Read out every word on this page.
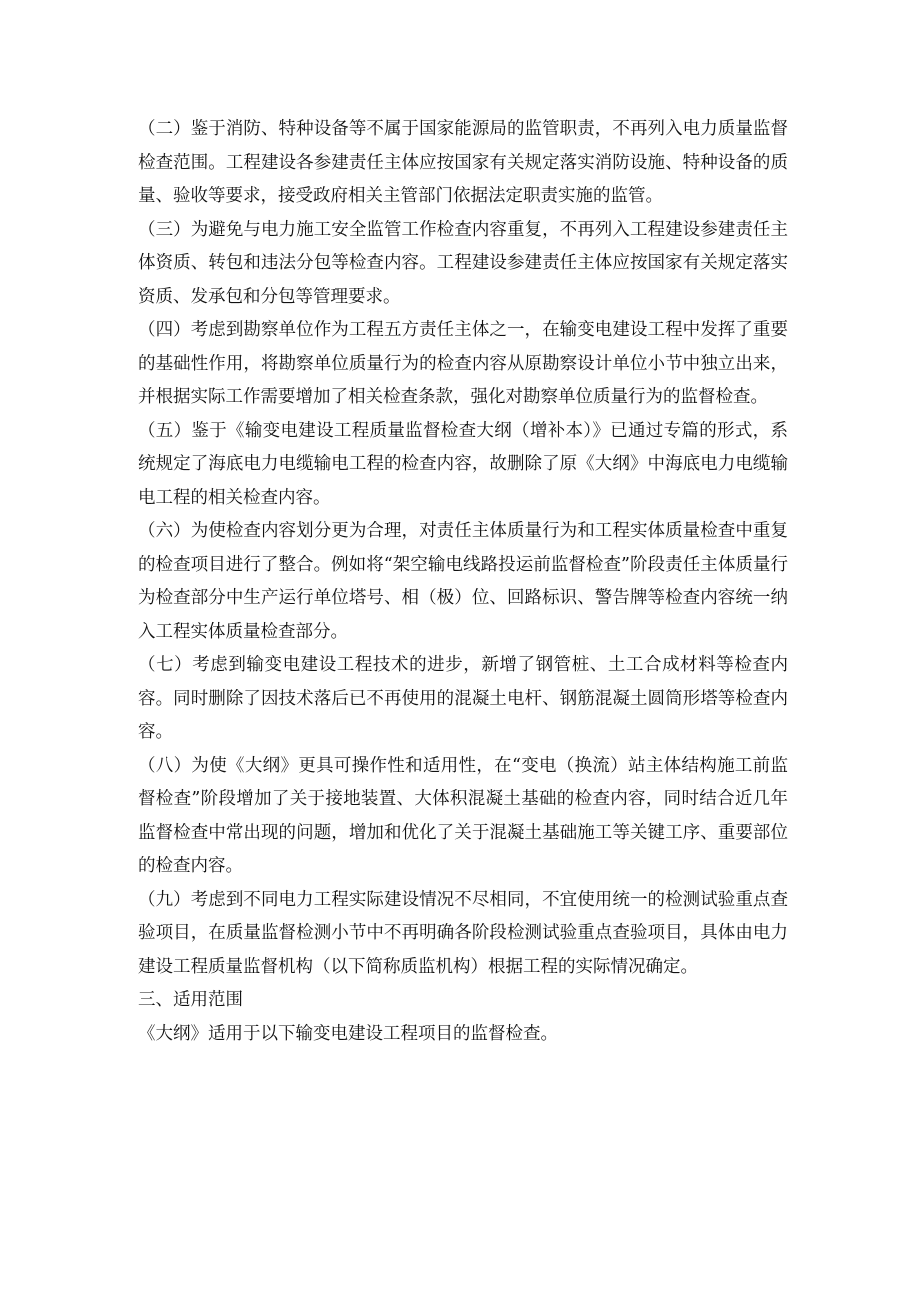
（二）鉴于消防、特种设备等不属于国家能源局的监管职责，不再列入电力质量监督检查范围。工程建设各参建责任主体应按国家有关规定落实消防设施、特种设备的质量、验收等要求，接受政府相关主管部门依据法定职责实施的监管。

（三）为避免与电力施工安全监管工作检查内容重复，不再列入工程建设参建责任主体资质、转包和违法分包等检查内容。工程建设参建责任主体应按国家有关规定落实资质、发承包和分包等管理要求。

（四）考虑到勘察单位作为工程五方责任主体之一，在输变电建设工程中发挥了重要的基础性作用，将勘察单位质量行为的检查内容从原勘察设计单位小节中独立出来，并根据实际工作需要增加了相关检查条款，强化对勘察单位质量行为的监督检查。

（五）鉴于《输变电建设工程质量监督检查大纲（增补本）》已通过专篇的形式，系统规定了海底电力电缆输电工程的检查内容，故删除了原《大纲》中海底电力电缆输电工程的相关检查内容。

（六）为使检查内容划分更为合理，对责任主体质量行为和工程实体质量检查中重复的检查项目进行了整合。例如将“架空输电线路投运前监督检查”阶段责任主体质量行为检查部分中生产运行单位塔号、相（极）位、回路标识、警告牌等检查内容统一纳入工程实体质量检查部分。

（七）考虑到输变电建设工程技术的进步，新增了钢管桩、土工合成材料等检查内容。同时删除了因技术落后已不再使用的混凝土电杆、钢筋混凝土圆筒形塔等检查内容。

（八）为使《大纲》更具可操作性和适用性，在“变电（换流）站主体结构施工前监督检查”阶段增加了关于接地装置、大体积混凝土基础的检查内容，同时结合近几年监督检查中常出现的问题，增加和优化了关于混凝土基础施工等关键工序、重要部位的检查内容。

（九）考虑到不同电力工程实际建设情况不尽相同，不宜使用统一的检测试验重点查验项目，在质量监督检测小节中不再明确各阶段检测试验重点查验项目，具体由电力建设工程质量监督机构（以下简称质监机构）根据工程的实际情况确定。

三、适用范围

《大纲》适用于以下输变电建设工程项目的监督检查。
